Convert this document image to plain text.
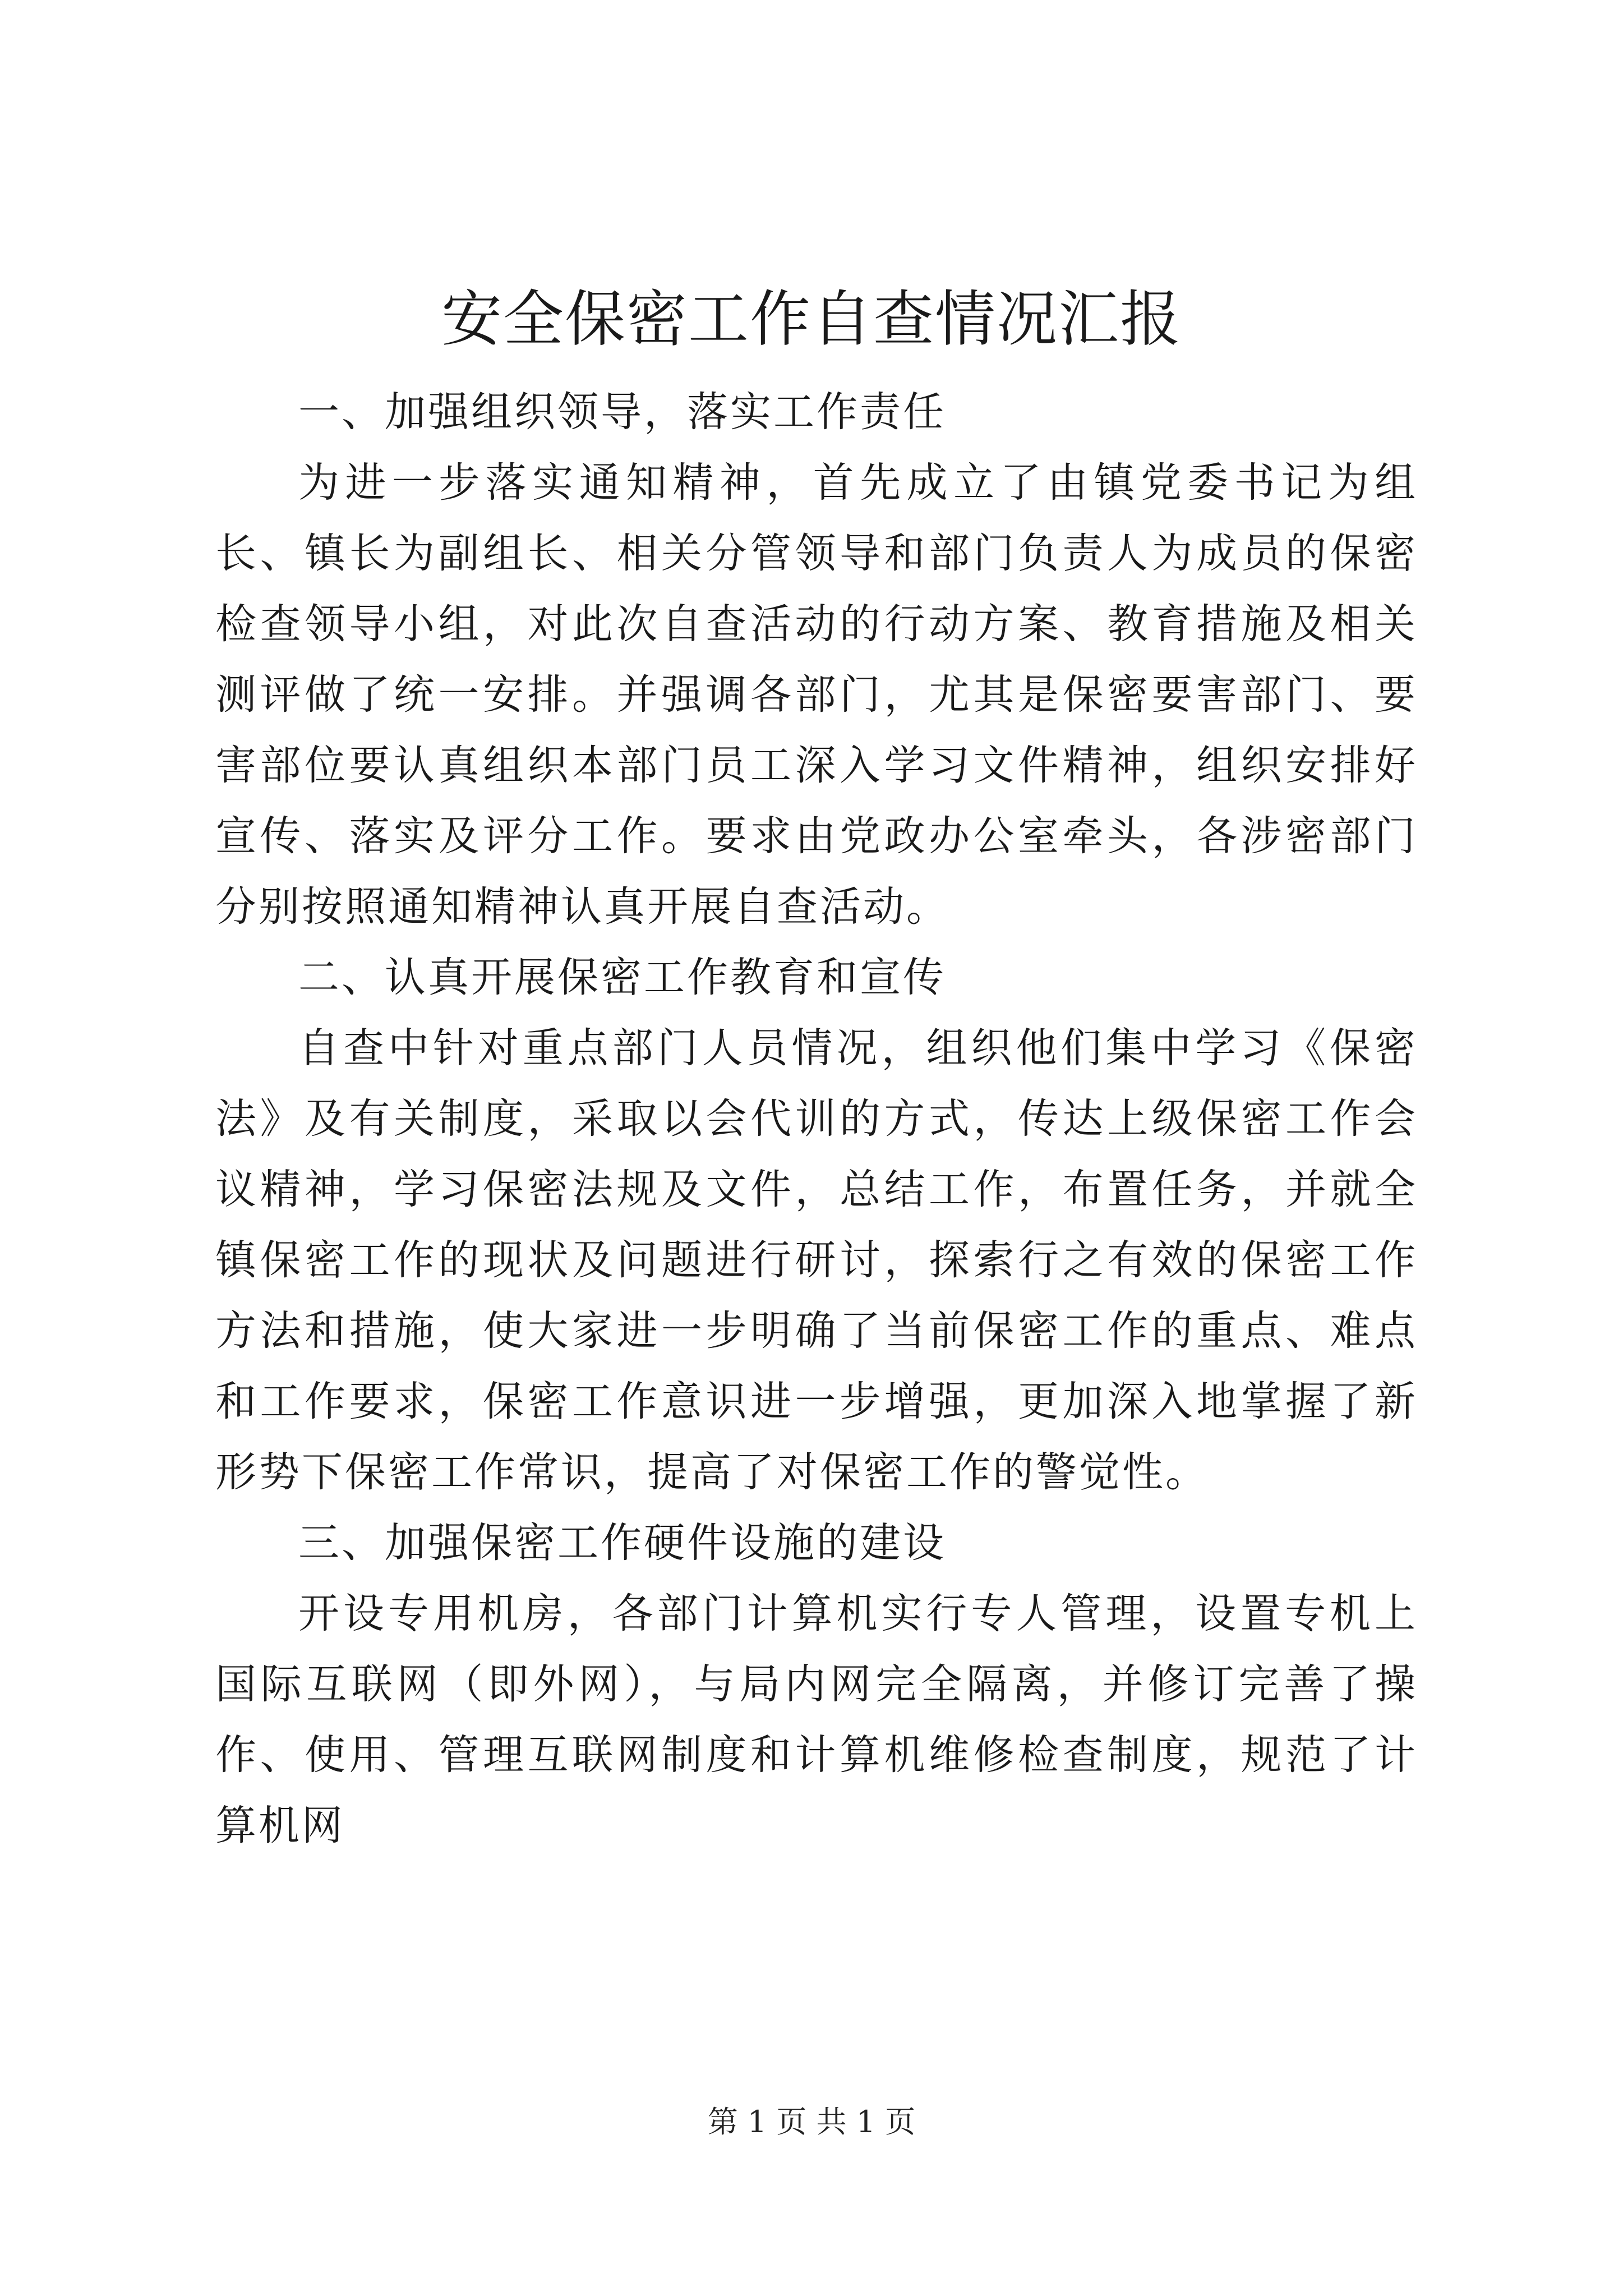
安全保密工作自查情况汇报

一、加强组织领导，落实工作责任

为进一步落实通知精神，首先成立了由镇党委书记为组长、镇长为副组长、相关分管领导和部门负责人为成员的保密检查领导小组，对此次自查活动的行动方案、教育措施及相关测评做了统一安排。并强调各部门，尤其是保密要害部门、要害部位要认真组织本部门员工深入学习文件精神，组织安排好宣传、落实及评分工作。要求由党政办公室牵头，各涉密部门分别按照通知精神认真开展自查活动。

二、认真开展保密工作教育和宣传

自查中针对重点部门人员情况，组织他们集中学习《保密法》及有关制度，采取以会代训的方式，传达上级保密工作会议精神，学习保密法规及文件，总结工作，布置任务，并就全镇保密工作的现状及问题进行研讨，探索行之有效的保密工作方法和措施，使大家进一步明确了当前保密工作的重点、难点和工作要求，保密工作意识进一步增强，更加深入地掌握了新形势下保密工作常识，提高了对保密工作的警觉性。

三、加强保密工作硬件设施的建设

开设专用机房，各部门计算机实行专人管理，设置专机上国际互联网（即外网），与局内网完全隔离，并修订完善了操作、使用、管理互联网制度和计算机维修检查制度，规范了计算机网

第 1 页 共 1 页
